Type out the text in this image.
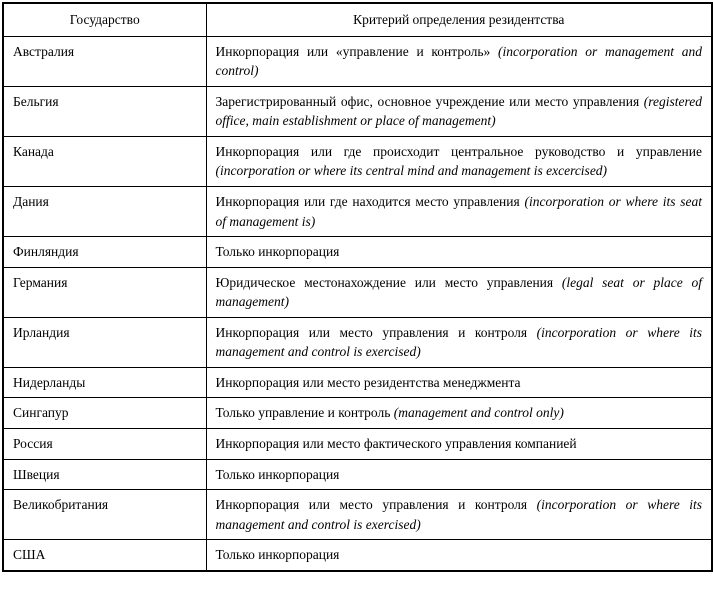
Государство	Критерий определения резидентства
Австралия	Инкорпорация или «управление и контроль» (incorporation or management and control)
Бельгия	Зарегистрированный офис, основное учреждение или место управления (registered office, main establishment or place of management)
Канада	Инкорпорация или где происходит центральное руководство и управление (incorporation or where its central mind and management is excercised)
Дания	Инкорпорация или где находится место управления (incorporation or where its seat of management is)
Финляндия	Только инкорпорация
Германия	Юридическое местонахождение или место управления (legal seat or place of management)
Ирландия	Инкорпорация или место управления и контроля (incorporation or where its management and control is exercised)
Нидерланды	Инкорпорация или место резидентства менеджмента
Сингапур	Только управление и контроль (management and control only)
Россия	Инкорпорация или место фактического управления компанией
Швеция	Только инкорпорация
Великобритания	Инкорпорация или место управления и контроля (incorporation or where its management and control is exercised)
США	Только инкорпорация
